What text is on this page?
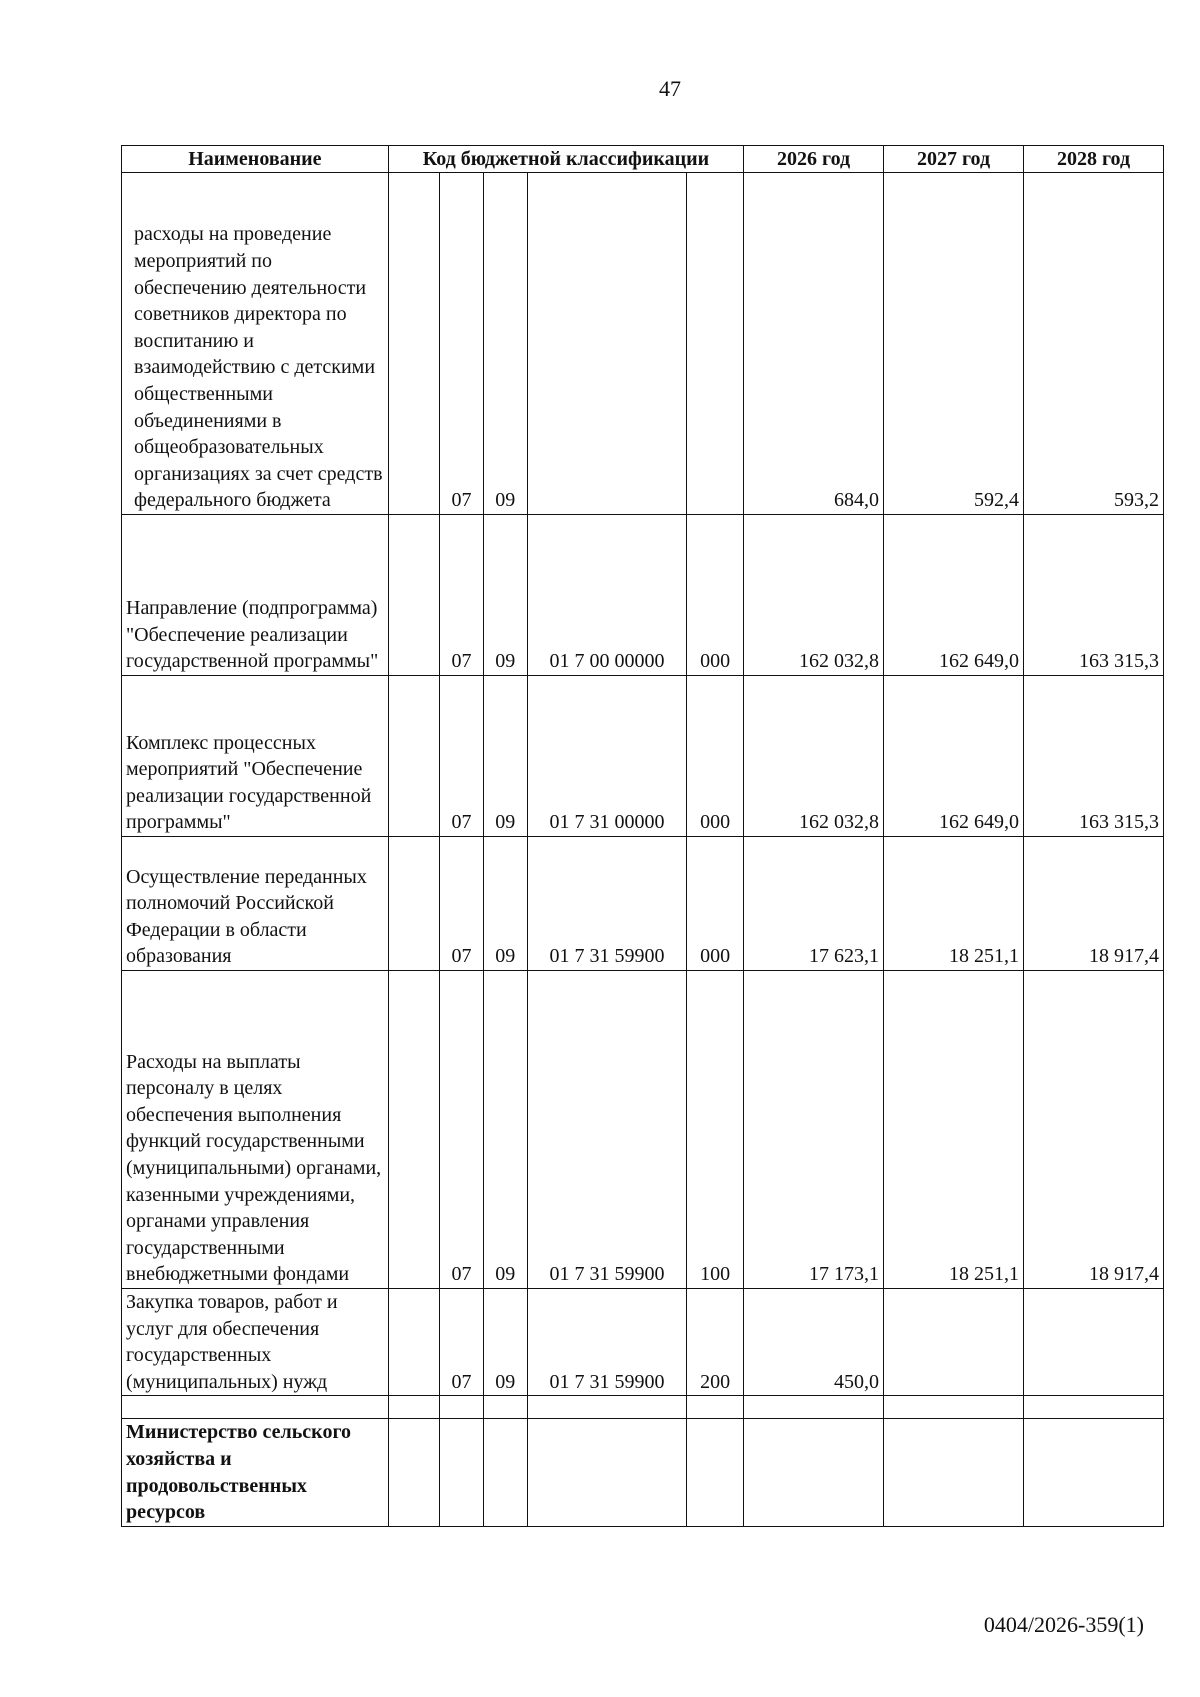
47
Наименование	Код бюджетной классификации					2026 год	2027 год	2028 год
расходы на проведение мероприятий по обеспечению деятельности советников директора по воспитанию и взаимодействию с детскими общественными объединениями в общеобразовательных организациях за счет средств федерального бюджета		07	09			684,0	592,4	593,2
Направление (подпрограмма) "Обеспечение реализации государственной программы"		07	09	01 7 00 00000	000	162 032,8	162 649,0	163 315,3
Комплекс процессных мероприятий "Обеспечение реализации государственной программы"		07	09	01 7 31 00000	000	162 032,8	162 649,0	163 315,3
Осуществление переданных полномочий Российской Федерации в области образования		07	09	01 7 31 59900	000	17 623,1	18 251,1	18 917,4
Расходы на выплаты персоналу в целях обеспечения выполнения функций государственными (муниципальными) органами, казенными учреждениями, органами управления государственными внебюджетными фондами		07	09	01 7 31 59900	100	17 173,1	18 251,1	18 917,4
Закупка товаров, работ и услуг для обеспечения государственных (муниципальных) нужд		07	09	01 7 31 59900	200	450,0		

Министерство сельского хозяйства и продовольственных ресурсов								
0404/2026-359(1)
